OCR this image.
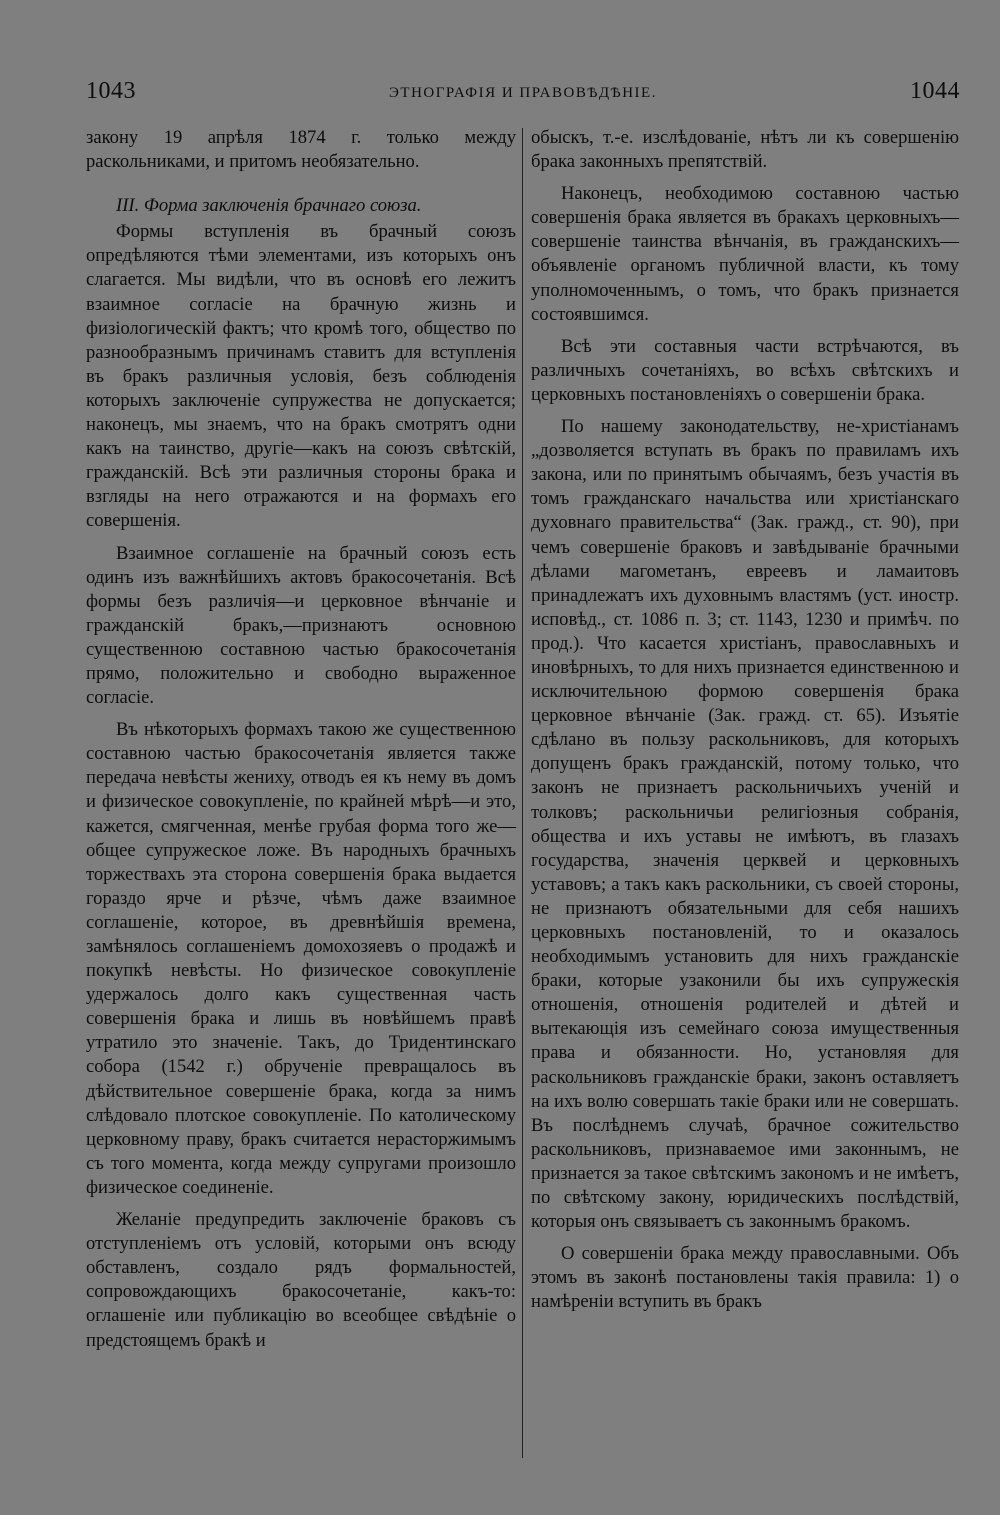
1043	ЭТНОГРАФІЯ И ПРАВОВѢДѢНІЕ.	1044

закону 19 апрѣля 1874 г. только между раскольниками, и притомъ необязательно.

III. Форма заключенія брачнаго союза.

Формы вступленія въ брачный союзъ опредѣляются тѣми элементами, изъ которыхъ онъ слагается. Мы видѣли, что въ основѣ его лежитъ взаимное согласіе на брачную жизнь и физіологическій фактъ; что кромѣ того, общество по разнообразнымъ причинамъ ставитъ для вступленія въ бракъ различныя условія, безъ соблюденія которыхъ заключеніе супружества не допускается; наконецъ, мы знаемъ, что на бракъ смотрятъ одни какъ на таинство, другіе—какъ на союзъ свѣтскій, гражданскій. Всѣ эти различныя стороны брака и взгляды на него отражаются и на формахъ его совершенія.

Взаимное соглашеніе на брачный союзъ есть одинъ изъ важнѣйшихъ актовъ бракосочетанія. Всѣ формы безъ различія—и церковное вѣнчаніе и гражданскій бракъ,—признаютъ основною существенною составною частью бракосочетанія прямо, положительно и свободно выраженное согласіе.

Въ нѣкоторыхъ формахъ такою же существенною составною частью бракосочетанія является также передача невѣсты жениху, отводъ ея къ нему въ домъ и физическое совокупленіе, по крайней мѣрѣ—и это, кажется, смягченная, менѣе грубая форма того же—общее супружеское ложе. Въ народныхъ брачныхъ торжествахъ эта сторона совершенія брака выдается гораздо ярче и рѣзче, чѣмъ даже взаимное соглашеніе, которое, въ древнѣйшія времена, замѣнялось соглашеніемъ домохозяевъ о продажѣ и покупкѣ невѣсты. Но физическое совокупленіе удержалось долго какъ существенная часть совершенія брака и лишь въ новѣйшемъ правѣ утратило это значеніе. Такъ, до Тридентинскаго собора (1542 г.) обрученіе превращалось въ дѣйствительное совершеніе брака, когда за нимъ слѣдовало плотское совокупленіе. По католическому церковному праву, бракъ считается нерасторжимымъ съ того момента, когда между супругами произошло физическое соединеніе.

Желаніе предупредить заключеніе браковъ съ отступленіемъ отъ условій, которыми онъ всюду обставленъ, создало рядъ формальностей, сопровождающихъ бракосочетаніе, какъ-то: оглашеніе или публикацію во всеобщее свѣдѣніе о предстоящемъ бракѣ и

обыскъ, т.-е. изслѣдованіе, нѣтъ ли къ совершенію брака законныхъ препятствій.

Наконецъ, необходимою составною частью совершенія брака является въ бракахъ церковныхъ—совершеніе таинства вѣнчанія, въ гражданскихъ—объявленіе органомъ публичной власти, къ тому уполномоченнымъ, о томъ, что бракъ признается состоявшимся.

Всѣ эти составныя части встрѣчаются, въ различныхъ сочетаніяхъ, во всѣхъ свѣтскихъ и церковныхъ постановленіяхъ о совершеніи брака.

По нашему законодательству, не-христіанамъ „дозволяется вступать въ бракъ по правиламъ ихъ закона, или по принятымъ обычаямъ, безъ участія въ томъ гражданскаго начальства или христіанскаго духовнаго правительства“ (Зак. гражд., ст. 90), при чемъ совершеніе браковъ и завѣдываніе брачными дѣлами магометанъ, евреевъ и ламаитовъ принадлежатъ ихъ духовнымъ властямъ (уст. иностр. исповѣд., ст. 1086 п. 3; ст. 1143, 1230 и примѣч. по прод.). Что касается христіанъ, православныхъ и иновѣрныхъ, то для нихъ признается единственною и исключительною формою совершенія брака церковное вѣнчаніе (Зак. гражд. ст. 65). Изъятіе сдѣлано въ пользу раскольниковъ, для которыхъ допущенъ бракъ гражданскій, потому только, что законъ не признаетъ раскольничьихъ ученій и толковъ; раскольничьи религіозныя собранія, общества и ихъ уставы не имѣютъ, въ глазахъ государства, значенія церквей и церковныхъ уставовъ; а такъ какъ раскольники, съ своей стороны, не признаютъ обязательными для себя нашихъ церковныхъ постановленій, то и оказалось необходимымъ установить для нихъ гражданскіе браки, которые узаконили бы ихъ супружескія отношенія, отношенія родителей и дѣтей и вытекающія изъ семейнаго союза имущественныя права и обязанности. Но, установляя для раскольниковъ гражданскіе браки, законъ оставляетъ на ихъ волю совершать такіе браки или не совершать. Въ послѣднемъ случаѣ, брачное сожительство раскольниковъ, признаваемое ими законнымъ, не признается за такое свѣтскимъ закономъ и не имѣетъ, по свѣтскому закону, юридическихъ послѣдствій, которыя онъ связываетъ съ законнымъ бракомъ.

О совершеніи брака между православными. Объ этомъ въ законѣ постановлены такія правила: 1) о намѣреніи вступить въ бракъ
